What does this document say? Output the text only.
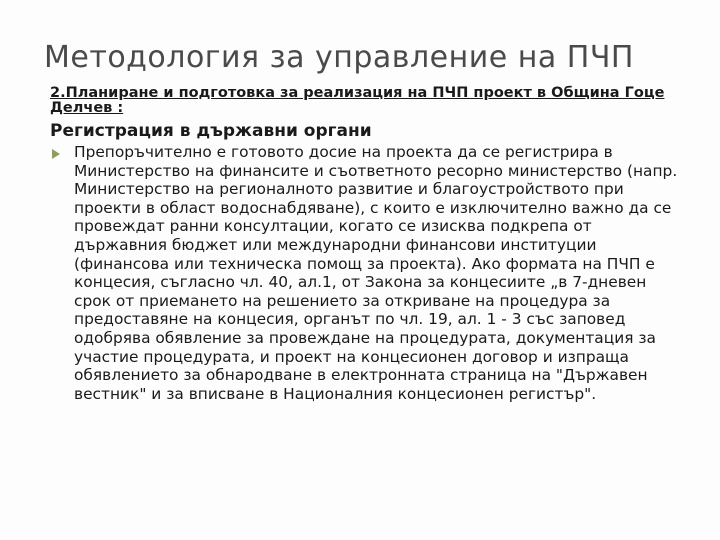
Методология за управление на ПЧП
2.Планиране и подготовка за реализация на ПЧП проект в Община Гоце Делчев :
Регистрация в държавни органи

Препоръчително е готовото досие на проекта да се регистрира в Министерство на финансите и съответното ресорно министерство (напр. Министерство на регионалното развитие и благоустройството при проекти в област водоснабдяване), с които е изключително важно да се провеждат ранни консултации, когато се изисква подкрепа от държавния бюджет или международни финансови институции (финансова или техническа помощ за проекта). Ако формата на ПЧП е концесия, съгласно чл. 40, ал.1, от Закона за концесиите „в 7-дневен срок от приемането на решението за откриване на процедура за предоставяне на концесия, органът по чл. 19, ал. 1 - 3 със заповед одобрява обявление за провеждане на процедурата, документация за участие процедурата, и проект на концесионен договор и изпраща обявлението за обнародване в електронната страница на "Държавен вестник" и за вписване в Националния концесионен регистър".
